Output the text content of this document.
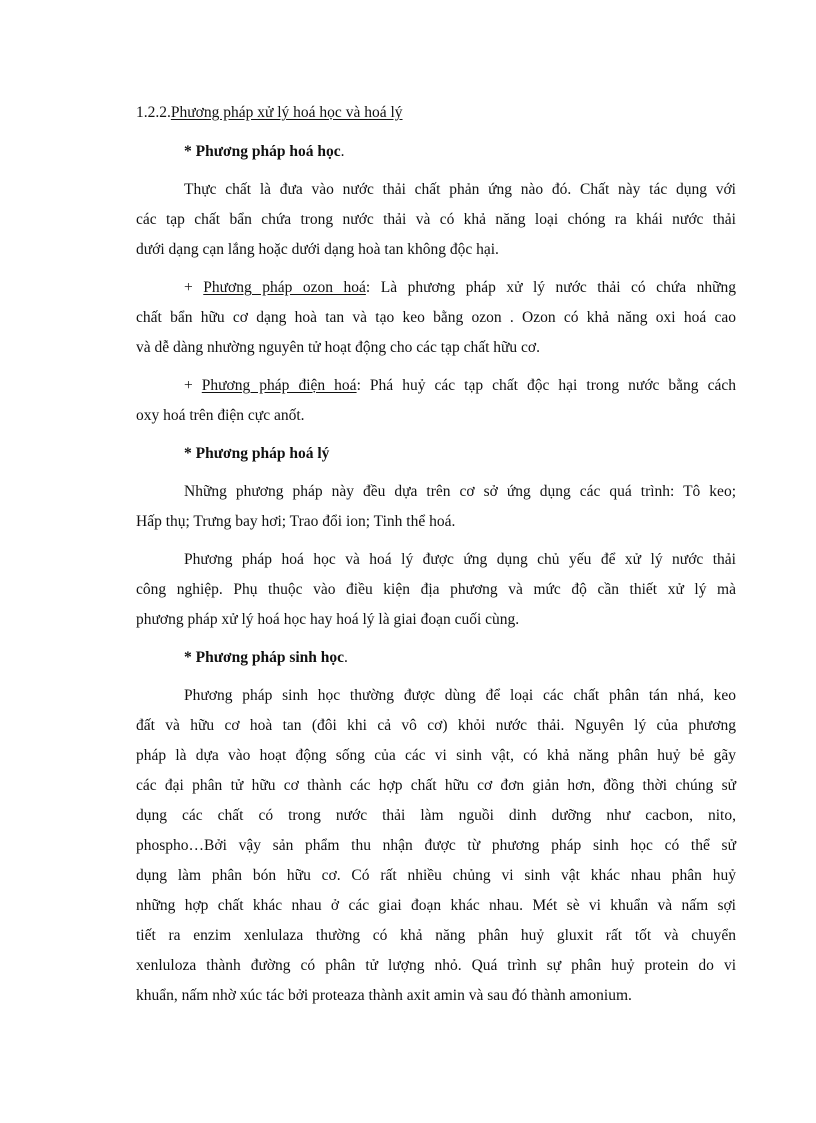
1.2.2.Phương pháp xử lý hoá học và hoá lý
* Phương pháp hoá học.
Thực chất là đưa vào nước thải chất phản ứng nào đó. Chất này tác dụng với
các tạp chất bẩn chứa trong nước thải và có khả năng loại chóng ra khái nước thải
dưới dạng cạn lắng hoặc dưới dạng hoà tan không độc hại.
+ Phương pháp ozon hoá: Là phương pháp xử lý nước thải có chứa những
chất bẩn hữu cơ dạng hoà tan và tạo keo bằng ozon . Ozon có khả năng oxi hoá cao
và dễ dàng nhường nguyên tử hoạt động cho các tạp chất hữu cơ.
+ Phương pháp điện hoá: Phá huỷ các tạp chất độc hại trong nước bằng cách
oxy hoá trên điện cực anốt.
* Phương pháp hoá lý
Những phương pháp này đều dựa trên cơ sở ứng dụng các quá trình: Tô keo;
Hấp thụ; Trưng bay hơi; Trao đổi ion; Tinh thể hoá.
Phương pháp hoá học và hoá lý được ứng dụng chủ yếu để xử lý nước thải
công nghiệp. Phụ thuộc vào điều kiện địa phương và mức độ cần thiết xử lý mà
phương pháp xử lý hoá học hay hoá lý là giai đoạn cuối cùng.
* Phương pháp sinh học.
Phương pháp sinh học thường được dùng để loại các chất phân tán nhá, keo
đất và hữu cơ hoà tan (đôi khi cả vô cơ) khỏi nước thải. Nguyên lý của phương
pháp là dựa vào hoạt động sống của các vi sinh vật, có khả năng phân huỷ bẻ gãy
các đại phân tử hữu cơ thành các hợp chất hữu cơ đơn giản hơn, đồng thời chúng sử
dụng các chất có trong nước thải làm nguồi dinh dưỡng như cacbon, nito,
phospho…Bởi vậy sản phẩm thu nhận được từ phương pháp sinh học có thể sử
dụng làm phân bón hữu cơ. Có rất nhiều chủng vi sinh vật khác nhau phân huỷ
những hợp chất khác nhau ở các giai đoạn khác nhau. Mét sè vi khuẩn và nấm sợi
tiết ra enzim xenlulaza thường có khả năng phân huỷ gluxit rất tốt và chuyển
xenluloza thành đường có phân tử lượng nhỏ. Quá trình sự phân huỷ protein do vi
khuẩn, nấm nhờ xúc tác bởi proteaza thành axit amin và sau đó thành amonium.
